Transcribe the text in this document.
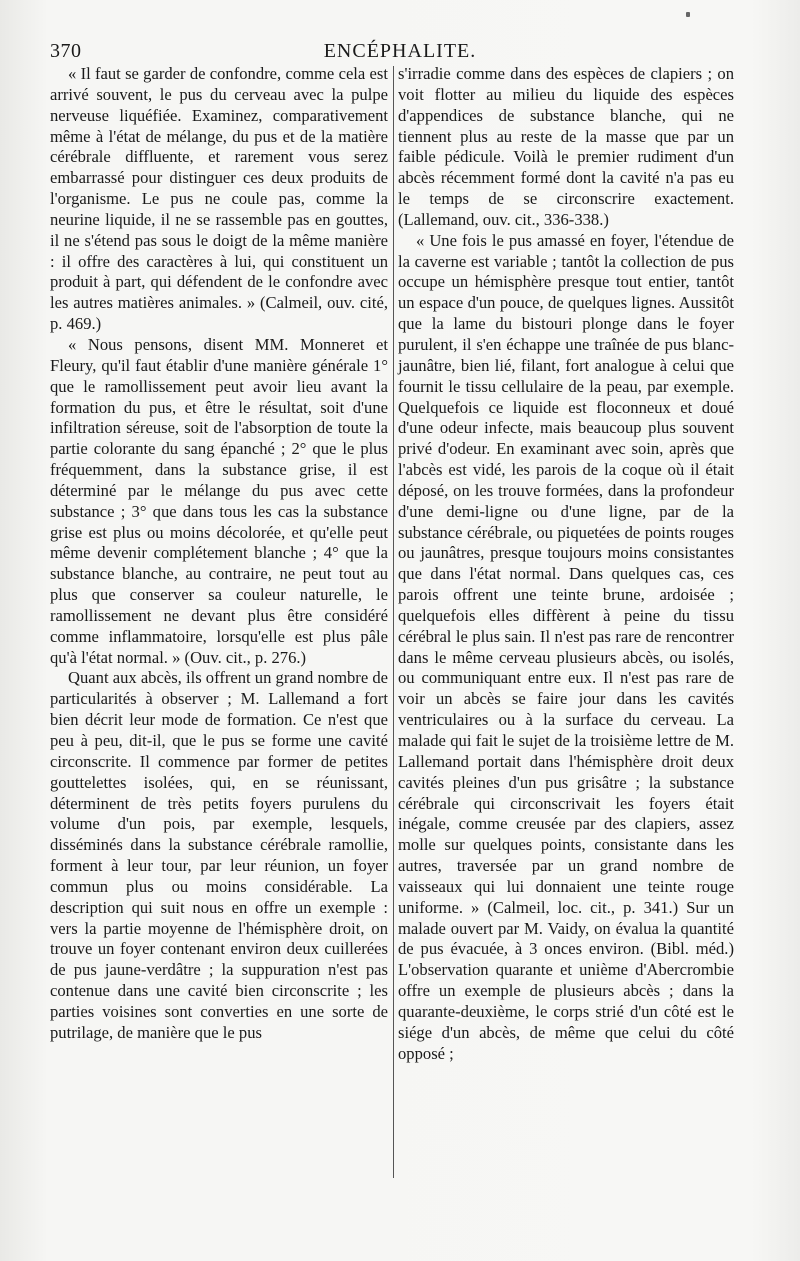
370	ENCÉPHALITE.

« Il faut se garder de confondre, comme cela est arrivé souvent, le pus du cerveau avec la pulpe nerveuse liquéfiée. Examinez, comparativement même à l'état de mélange, du pus et de la matière cérébrale diffluente, et rarement vous serez embarrassé pour distinguer ces deux produits de l'organisme. Le pus ne coule pas, comme la neurine liquide, il ne se rassemble pas en gouttes, il ne s'étend pas sous le doigt de la même manière : il offre des caractères à lui, qui constituent un produit à part, qui défendent de le confondre avec les autres matières animales. » (Calmeil, ouv. cité, p. 469.)

« Nous pensons, disent MM. Monneret et Fleury, qu'il faut établir d'une manière générale 1° que le ramollissement peut avoir lieu avant la formation du pus, et être le résultat, soit d'une infiltration séreuse, soit de l'absorption de toute la partie colorante du sang épanché ; 2° que le plus fréquemment, dans la substance grise, il est déterminé par le mélange du pus avec cette substance ; 3° que dans tous les cas la substance grise est plus ou moins décolorée, et qu'elle peut même devenir complétement blanche ; 4° que la substance blanche, au contraire, ne peut tout au plus que conserver sa couleur naturelle, le ramollissement ne devant plus être considéré comme inflammatoire, lorsqu'elle est plus pâle qu'à l'état normal. » (Ouv. cit., p. 276.)

Quant aux abcès, ils offrent un grand nombre de particularités à observer ; M. Lallemand a fort bien décrit leur mode de formation. Ce n'est que peu à peu, dit-il, que le pus se forme une cavité circonscrite. Il commence par former de petites gouttelettes isolées, qui, en se réunissant, déterminent de très petits foyers purulens du volume d'un pois, par exemple, lesquels, disséminés dans la substance cérébrale ramollie, forment à leur tour, par leur réunion, un foyer commun plus ou moins considérable. La description qui suit nous en offre un exemple : vers la partie moyenne de l'hémisphère droit, on trouve un foyer contenant environ deux cuillerées de pus jaune-verdâtre ; la suppuration n'est pas contenue dans une cavité bien circonscrite ; les parties voisines sont converties en une sorte de putrilage, de manière que le pus

s'irradie comme dans des espèces de clapiers ; on voit flotter au milieu du liquide des espèces d'appendices de substance blanche, qui ne tiennent plus au reste de la masse que par un faible pédicule. Voilà le premier rudiment d'un abcès récemment formé dont la cavité n'a pas eu le temps de se circonscrire exactement. (Lallemand, ouv. cit., 336-338.)

« Une fois le pus amassé en foyer, l'étendue de la caverne est variable ; tantôt la collection de pus occupe un hémisphère presque tout entier, tantôt un espace d'un pouce, de quelques lignes. Aussitôt que la lame du bistouri plonge dans le foyer purulent, il s'en échappe une traînée de pus blanc-jaunâtre, bien lié, filant, fort analogue à celui que fournit le tissu cellulaire de la peau, par exemple. Quelquefois ce liquide est floconneux et doué d'une odeur infecte, mais beaucoup plus souvent privé d'odeur. En examinant avec soin, après que l'abcès est vidé, les parois de la coque où il était déposé, on les trouve formées, dans la profondeur d'une demi-ligne ou d'une ligne, par de la substance cérébrale, ou piquetées de points rouges ou jaunâtres, presque toujours moins consistantes que dans l'état normal. Dans quelques cas, ces parois offrent une teinte brune, ardoisée ; quelquefois elles diffèrent à peine du tissu cérébral le plus sain. Il n'est pas rare de rencontrer dans le même cerveau plusieurs abcès, ou isolés, ou communiquant entre eux. Il n'est pas rare de voir un abcès se faire jour dans les cavités ventriculaires ou à la surface du cerveau. La malade qui fait le sujet de la troisième lettre de M. Lallemand portait dans l'hémisphère droit deux cavités pleines d'un pus grisâtre ; la substance cérébrale qui circonscrivait les foyers était inégale, comme creusée par des clapiers, assez molle sur quelques points, consistante dans les autres, traversée par un grand nombre de vaisseaux qui lui donnaient une teinte rouge uniforme. » (Calmeil, loc. cit., p. 341.) Sur un malade ouvert par M. Vaidy, on évalua la quantité de pus évacuée, à 3 onces environ. (Bibl. méd.) L'observation quarante et unième d'Abercrombie offre un exemple de plusieurs abcès ; dans la quarante-deuxième, le corps strié d'un côté est le siége d'un abcès, de même que celui du côté opposé ;
